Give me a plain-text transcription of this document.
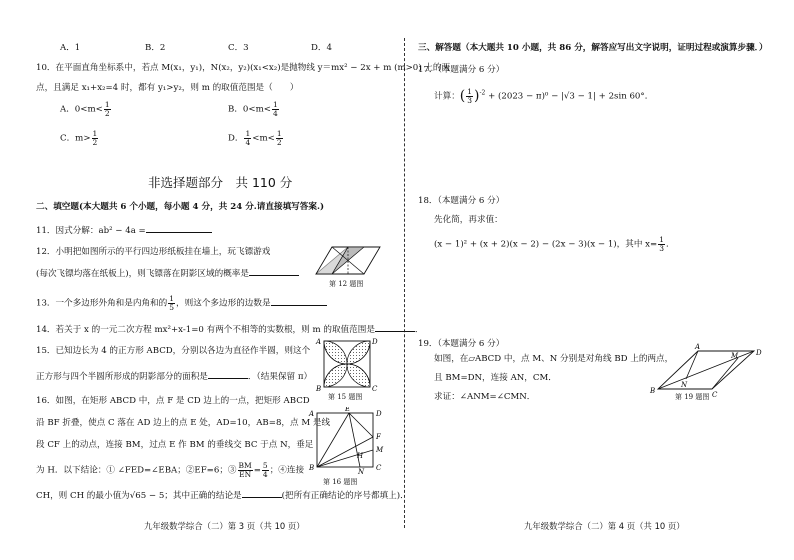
A．1	B．2	C．3	D．4
10．在平面直角坐标系中，若点 M(x₁，y₁)，N(x₂，y₂)(x₁<x₂)是抛物线 y＝mx² − 2x + m (m>0) 上的两
点，且满足 x₁+x₂=4 时，都有 y₁>y₂，则 m 的取值范围是（　　）
A．$0<m< \frac{1}{2}$	B．$0<m< \frac{1}{4}$
C．$m> \frac{1}{2}$	D． $\frac{1}{4} <m< \frac{1}{2}$
非选择题部分　共 110 分
二、填空题(本大题共 6 个小题，每小题 4 分，共 24 分.请直接填写答案.)
11．因式分解：ab² − 4a =
12．小明把如图所示的平行四边形纸板挂在墙上，玩飞镖游戏
(每次飞镖均落在纸板上)，则飞镖落在阴影区域的概率是
第 12 题图
13．一个多边形外角和是内角和的 $\frac{1}{5}$ ，则这个多边形的边数是
14．若关于 x 的一元二次方程 mx²+x-1=0 有两个不相等的实数根，则 m 的取值范围是	．
15．已知边长为 4 的正方形 ABCD，分别以各边为直径作半圆，则这个
正方形与四个半圆所形成的阴影部分的面积是	．（结果保留 π）
A	D
B	C
第 15 题图
16．如图，在矩形 ABCD 中，点 F 是 CD 边上的一点，把矩形 ABCD
沿 BF 折叠，使点 C 落在 AD 边上的点 E 处，AD=10，AB=8，点 M 是线
段 CF 上的动点，连接 BM，过点 E 作 BM 的垂线交 BC 于点 N，垂足
为 H．以下结论：① ∠FED=∠EBA；②EF=6；③ $\frac{BM}{EN} = \frac{5}{4}$ ；④连接
CH，则 CH 的最小值为√65 − 5；其中正确的结论是	(把所有正确结论的序号都填上)．
A
E
D
F
M
H
B	N C
第 16 题图
九年级数学综合（二）第 3 页（共 10 页）
三、解答题（本大题共 10 小题，共 86 分，解答应写出文字说明，证明过程或演算步骤．）
17．（本题满分 6 分）
计算：( $\frac{1}{3} )^{-2} + (2023 - \pi)^0 - |√3 - 1| + 2\sin$ 60°．
18．（本题满分 6 分）
先化简，再求值：
(x − 1)² + (x + 2)(x − 2) − (2x − 3)(x − 1)，其中 $x= \frac{1}{3}$ ．
19．（本题满分 6 分）
如图，在▱ABCD 中，点 M、N 分别是对角线 BD 上的两点，
且 BM=DN，连接 AN，CM．
求证：∠ANM=∠CMN．
A
M	D
N
B	C
第 19 题图
九年级数学综合（二）第 4 页（共 10 页）
